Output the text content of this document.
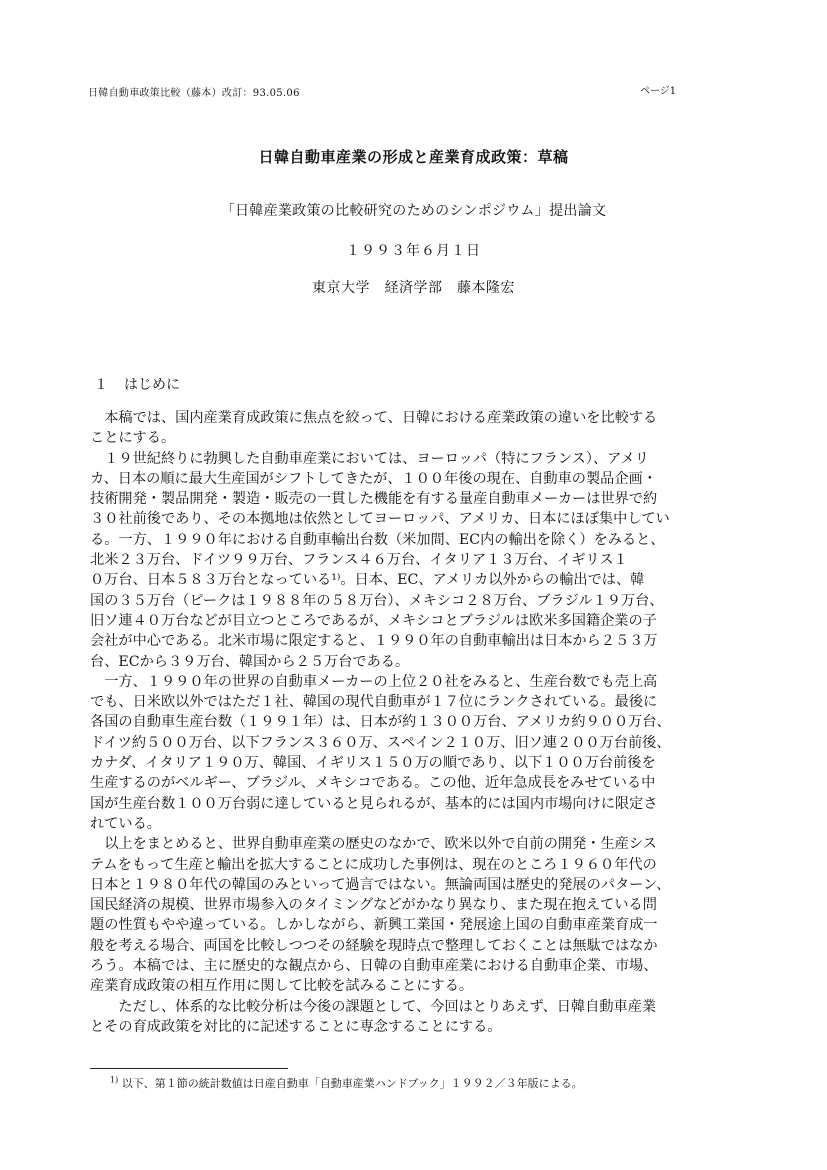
日韓自動車政策比較（藤本）改訂：93.05.06	ページ1
日韓自動車産業の形成と産業育成政策：草稿
「日韓産業政策の比較研究のためのシンポジウム」提出論文
１９９３年６月１日
東京大学　経済学部　藤本隆宏
１ はじめに
　本稿では、国内産業育成政策に焦点を絞って、日韓における産業政策の違いを比較する
ことにする。
　１９世紀終りに勃興した自動車産業においては、ヨーロッパ（特にフランス）、アメリ
カ、日本の順に最大生産国がシフトしてきたが、１００年後の現在、自動車の製品企画・
技術開発・製品開発・製造・販売の一貫した機能を有する量産自動車メーカーは世界で約
３０社前後であり、その本拠地は依然としてヨーロッパ、アメリカ、日本にほぼ集中してい
る。一方、１９９０年における自動車輸出台数（米加間、EC内の輸出を除く）をみると、
北米２３万台、ドイツ９９万台、フランス４６万台、イタリア１３万台、イギリス１
０万台、日本５８３万台となっている¹⁾。日本、EC、アメリカ以外からの輸出では、韓
国の３５万台（ピークは１９８８年の５８万台）、メキシコ２８万台、ブラジル１９万台、
旧ソ連４０万台などが目立つところであるが、メキシコとブラジルは欧米多国籍企業の子
会社が中心である。北米市場に限定すると、１９９０年の自動車輸出は日本から２５３万
台、ECから３９万台、韓国から２５万台である。
　一方、１９９０年の世界の自動車メーカーの上位２０社をみると、生産台数でも売上高
でも、日米欧以外ではただ１社、韓国の現代自動車が１７位にランクされている。最後に
各国の自動車生産台数（１９９１年）は、日本が約１３００万台、アメリカ約９００万台、
ドイツ約５００万台、以下フランス３６０万、スペイン２１０万、旧ソ連２００万台前後、
カナダ、イタリア１９０万、韓国、イギリス１５０万の順であり、以下１００万台前後を
生産するのがベルギー、ブラジル、メキシコである。この他、近年急成長をみせている中
国が生産台数１００万台弱に達していると見られるが、基本的には国内市場向けに限定さ
れている。
　以上をまとめると、世界自動車産業の歴史のなかで、欧米以外で自前の開発・生産シス
テムをもって生産と輸出を拡大することに成功した事例は、現在のところ１９６０年代の
日本と１９８０年代の韓国のみといって過言ではない。無論両国は歴史的発展のパターン、
国民経済の規模、世界市場参入のタイミングなどがかなり異なり、また現在抱えている問
題の性質もやや違っている。しかしながら、新興工業国・発展途上国の自動車産業育成一
般を考える場合、両国を比較しつつその経験を現時点で整理しておくことは無駄ではなか
ろう。本稿では、主に歴史的な観点から、日韓の自動車産業における自動車企業、市場、
産業育成政策の相互作用に関して比較を試みることにする。
　　ただし、体系的な比較分析は今後の課題として、今回はとりあえず、日韓自動車産業
とその育成政策を対比的に記述することに専念することにする。
$^{1)}$ 以下、第１節の統計数値は日産自動車「自動車産業ハンドブック」１９９２／３年版による。
